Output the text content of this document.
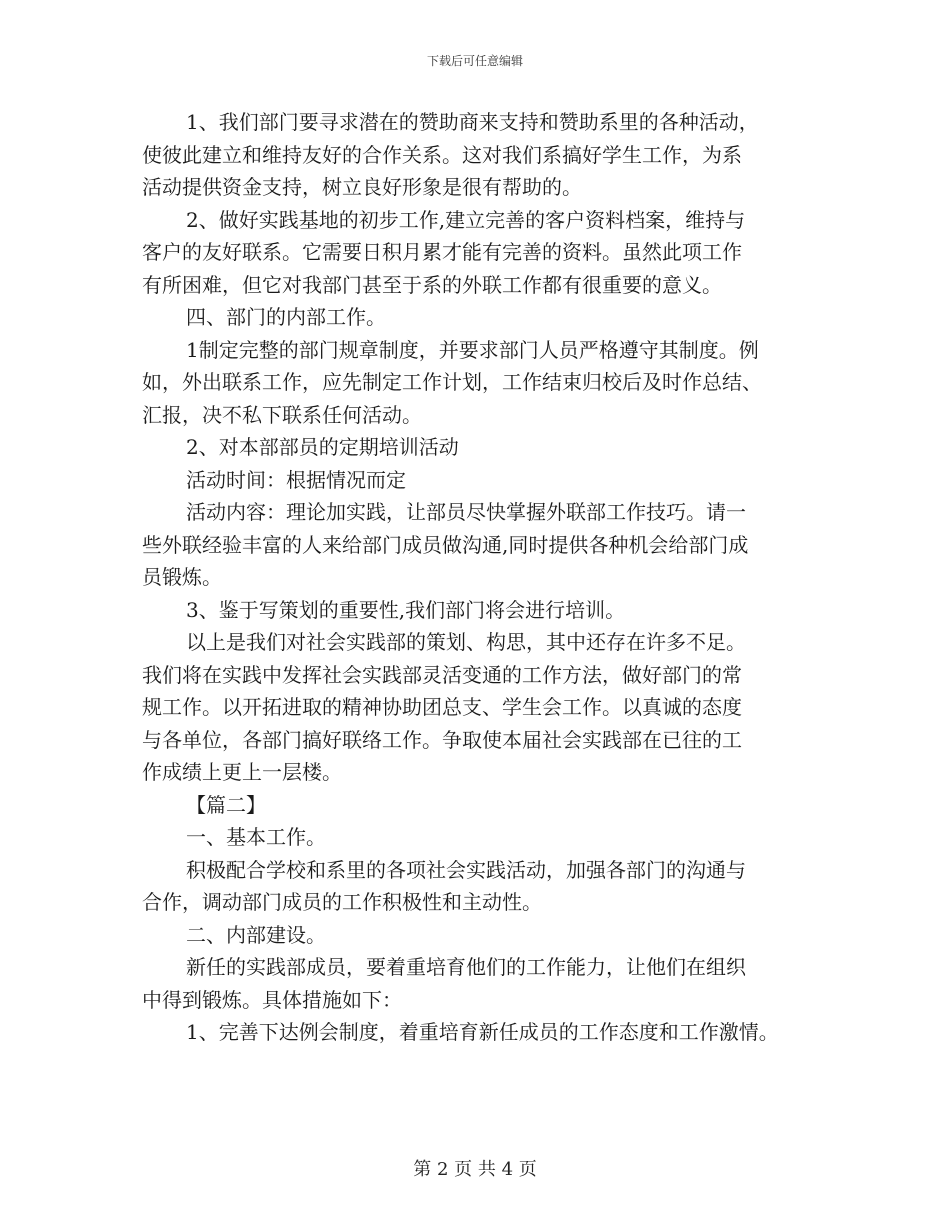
下载后可任意编辑

1、我们部门要寻求潜在的赞助商来支持和赞助系里的各种活动，
使彼此建立和维持友好的合作关系。这对我们系搞好学生工作，为系
活动提供资金支持，树立良好形象是很有帮助的。

2、做好实践基地的初步工作,建立完善的客户资料档案，维持与
客户的友好联系。它需要日积月累才能有完善的资料。虽然此项工作
有所困难，但它对我部门甚至于系的外联工作都有很重要的意义。

四、部门的内部工作。

1制定完整的部门规章制度，并要求部门人员严格遵守其制度。例
如，外出联系工作，应先制定工作计划，工作结束归校后及时作总结、
汇报，决不私下联系任何活动。

2、对本部部员的定期培训活动

活动时间：根据情况而定

活动内容：理论加实践，让部员尽快掌握外联部工作技巧。请一
些外联经验丰富的人来给部门成员做沟通,同时提供各种机会给部门成
员锻炼。

3、鉴于写策划的重要性,我们部门将会进行培训。

以上是我们对社会实践部的策划、构思，其中还存在许多不足。
我们将在实践中发挥社会实践部灵活变通的工作方法，做好部门的常
规工作。以开拓进取的精神协助团总支、学生会工作。以真诚的态度
与各单位，各部门搞好联络工作。争取使本届社会实践部在已往的工
作成绩上更上一层楼。

【篇二】

一、基本工作。

积极配合学校和系里的各项社会实践活动，加强各部门的沟通与
合作，调动部门成员的工作积极性和主动性。

二、内部建设。

新任的实践部成员，要着重培育他们的工作能力，让他们在组织
中得到锻炼。具体措施如下：

1、完善下达例会制度，着重培育新任成员的工作态度和工作激情。

第 2 页 共 4 页
